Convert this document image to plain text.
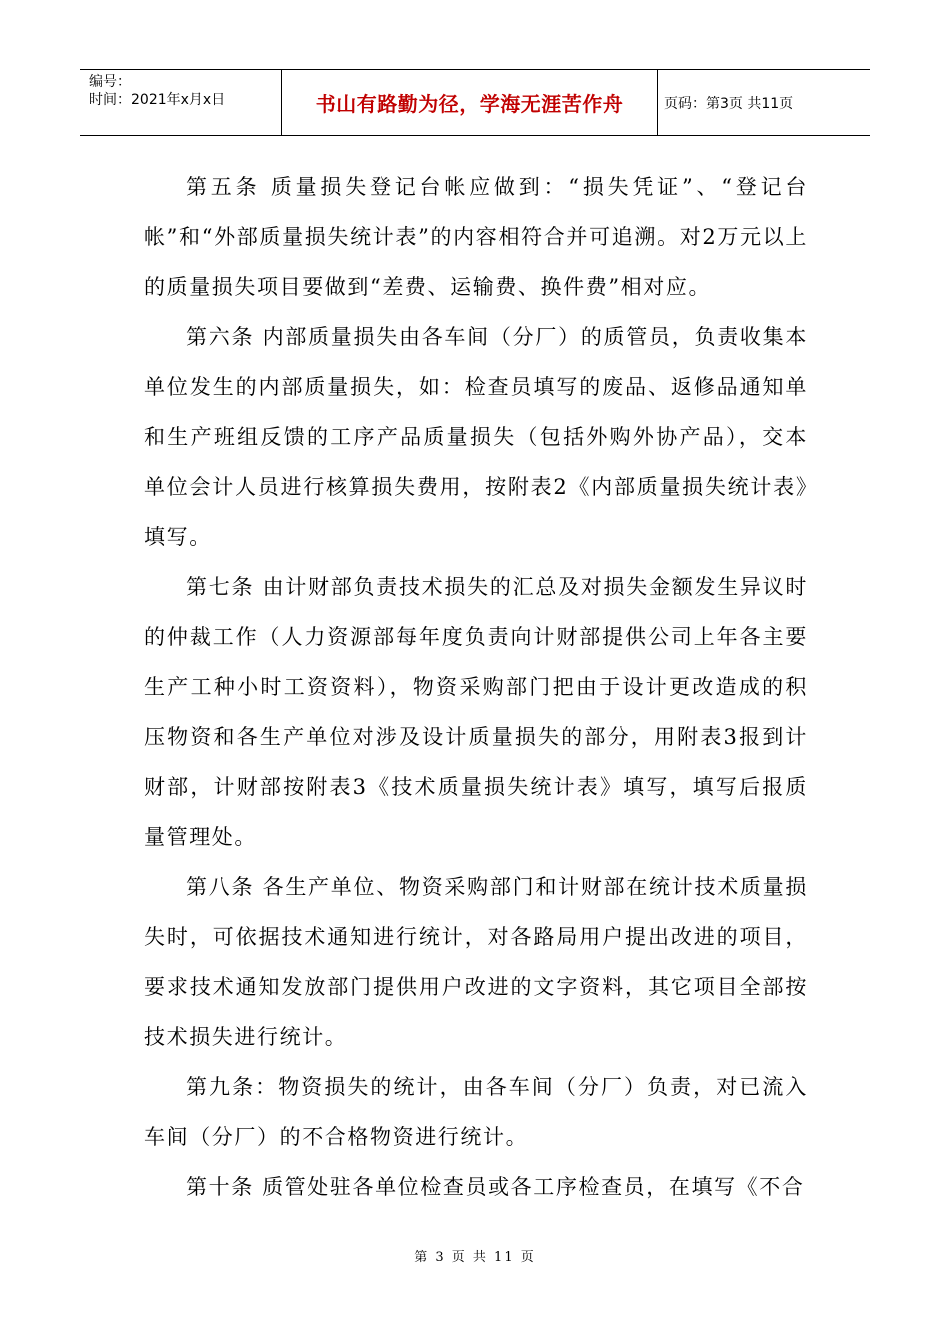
编号：
时间：2021年x月x日	书山有路勤为径，学海无涯苦作舟	页码：第3页 共11页

第五条 质量损失登记台帐应做到：“损失凭证”、“登记台帐”和“外部质量损失统计表”的内容相符合并可追溯。对2万元以上的质量损失项目要做到“差费、运输费、换件费”相对应。

第六条 内部质量损失由各车间（分厂）的质管员，负责收集本单位发生的内部质量损失，如：检查员填写的废品、返修品通知单和生产班组反馈的工序产品质量损失（包括外购外协产品），交本单位会计人员进行核算损失费用，按附表2《内部质量损失统计表》填写。

第七条 由计财部负责技术损失的汇总及对损失金额发生异议时的仲裁工作（人力资源部每年度负责向计财部提供公司上年各主要生产工种小时工资资料），物资采购部门把由于设计更改造成的积压物资和各生产单位对涉及设计质量损失的部分，用附表3报到计财部，计财部按附表3《技术质量损失统计表》填写，填写后报质量管理处。

第八条 各生产单位、物资采购部门和计财部在统计技术质量损失时，可依据技术通知进行统计，对各路局用户提出改进的项目，要求技术通知发放部门提供用户改进的文字资料，其它项目全部按技术损失进行统计。

第九条：物资损失的统计，由各车间（分厂）负责，对已流入车间（分厂）的不合格物资进行统计。

第十条 质管处驻各单位检查员或各工序检查员，在填写《不合

第 3 页 共 11 页
